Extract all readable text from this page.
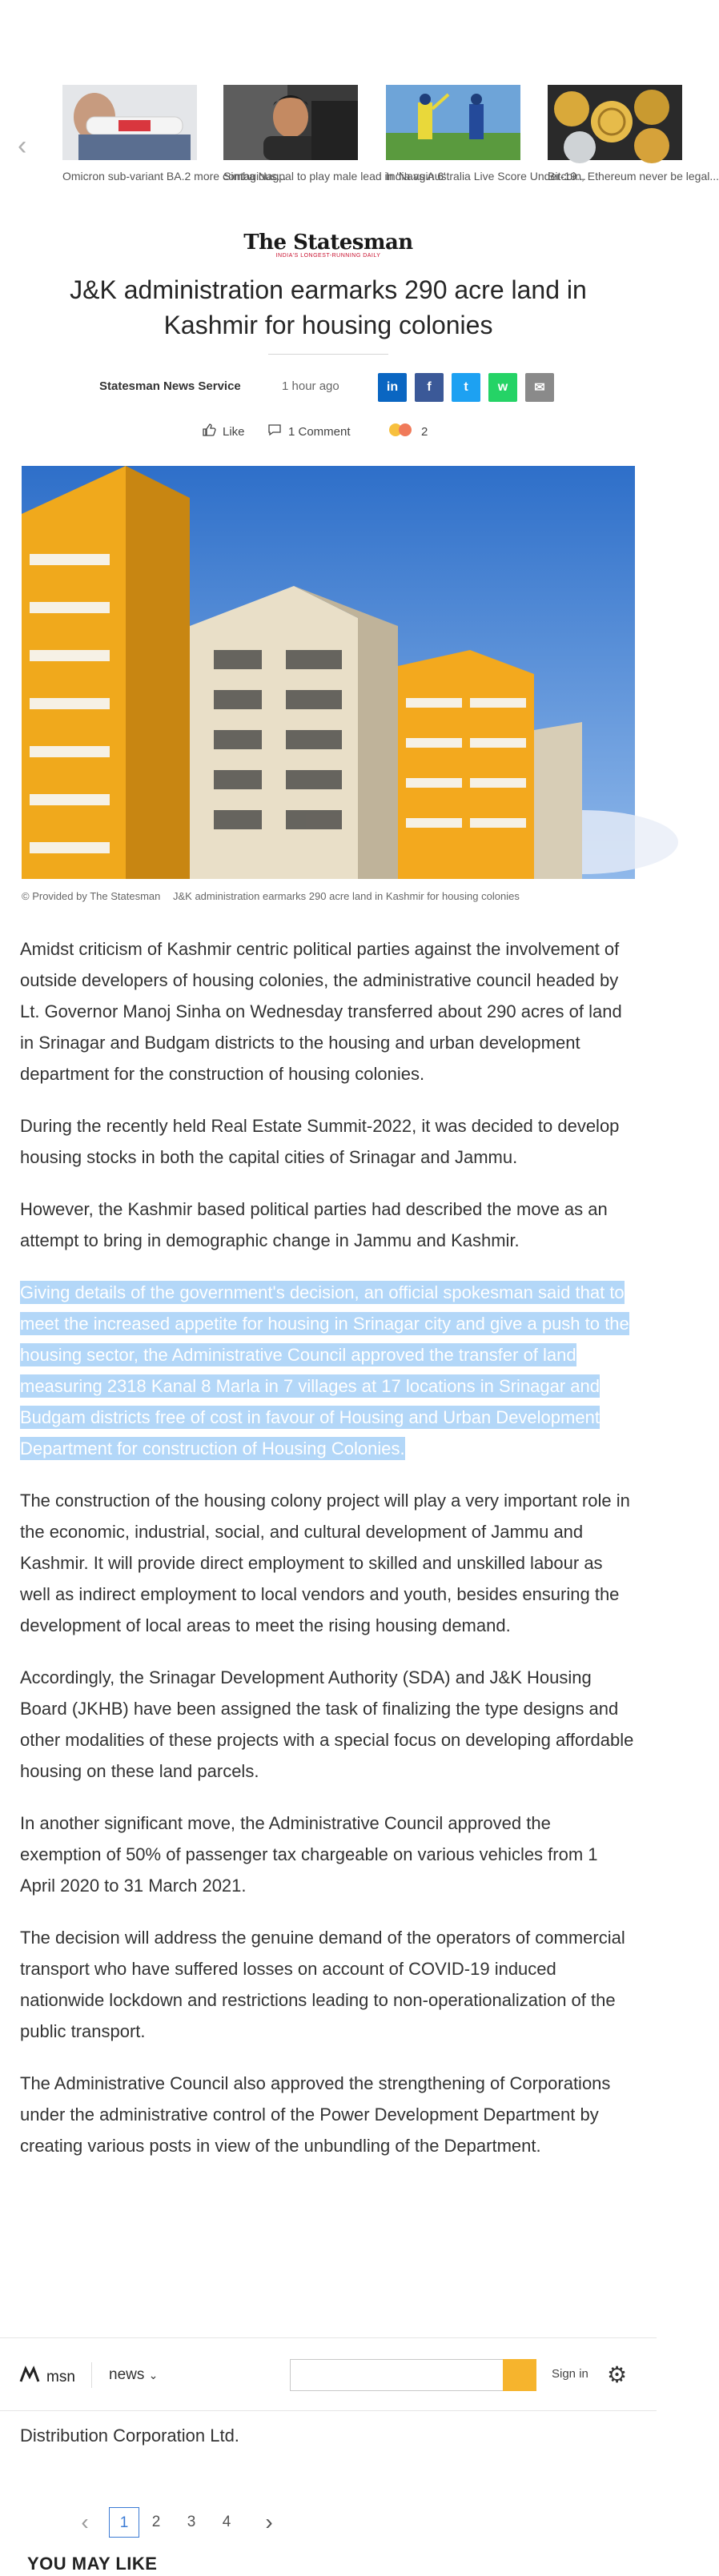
‹
Omicron sub-variant BA.2 more contagious...
Simba Nagpal to play male lead in 'Naagin 6'
India vs Australia Live Score Under-19...
Bitcoin, Ethereum never be legal...
The Statesman
INDIA'S LONGEST-RUNNING DAILY
J&K administration earmarks 290 acre land in Kashmir for housing colonies
Statesman News Service	1 hour ago	in f	t w ✉
Like	1 Comment	2
© Provided by The Statesman J&K administration earmarks 290 acre land in Kashmir for housing colonies

Amidst criticism of Kashmir centric political parties against the involvement of outside developers of housing colonies, the administrative council headed by Lt. Governor Manoj Sinha on Wednesday transferred about 290 acres of land in Srinagar and Budgam districts to the housing and urban development department for the construction of housing colonies.

During the recently held Real Estate Summit-2022, it was decided to develop housing stocks in both the capital cities of Srinagar and Jammu.

However, the Kashmir based political parties had described the move as an attempt to bring in demographic change in Jammu and Kashmir.

Giving details of the government's decision, an official spokesman said that to meet the increased appetite for housing in Srinagar city and give a push to the housing sector, the Administrative Council approved the transfer of land measuring 2318 Kanal 8 Marla in 7 villages at 17 locations in Srinagar and Budgam districts free of cost in favour of Housing and Urban Development Department for construction of Housing Colonies.

The construction of the housing colony project will play a very important role in the economic, industrial, social, and cultural development of Jammu and Kashmir. It will provide direct employment to skilled and unskilled labour as well as indirect employment to local vendors and youth, besides ensuring the development of local areas to meet the rising housing demand.

Accordingly, the Srinagar Development Authority (SDA) and J&K Housing Board (JKHB) have been assigned the task of finalizing the type designs and other modalities of these projects with a special focus on developing affordable housing on these land parcels.

In another significant move, the Administrative Council approved the exemption of 50% of passenger tax chargeable on various vehicles from 1 April 2020 to 31 March 2021.

The decision will address the genuine demand of the operators of commercial transport who have suffered losses on account of COVID-19 induced nationwide lockdown and restrictions leading to non-operationalization of the public transport.

The Administrative Council also approved the strengthening of Corporations under the administrative control of the Power Development Department by creating various posts in view of the unbundling of the Department.

msn news ⌄	Sign in ⚙
Distribution Corporation Ltd.
‹	1	2	3	4	›
YOU MAY LIKE
